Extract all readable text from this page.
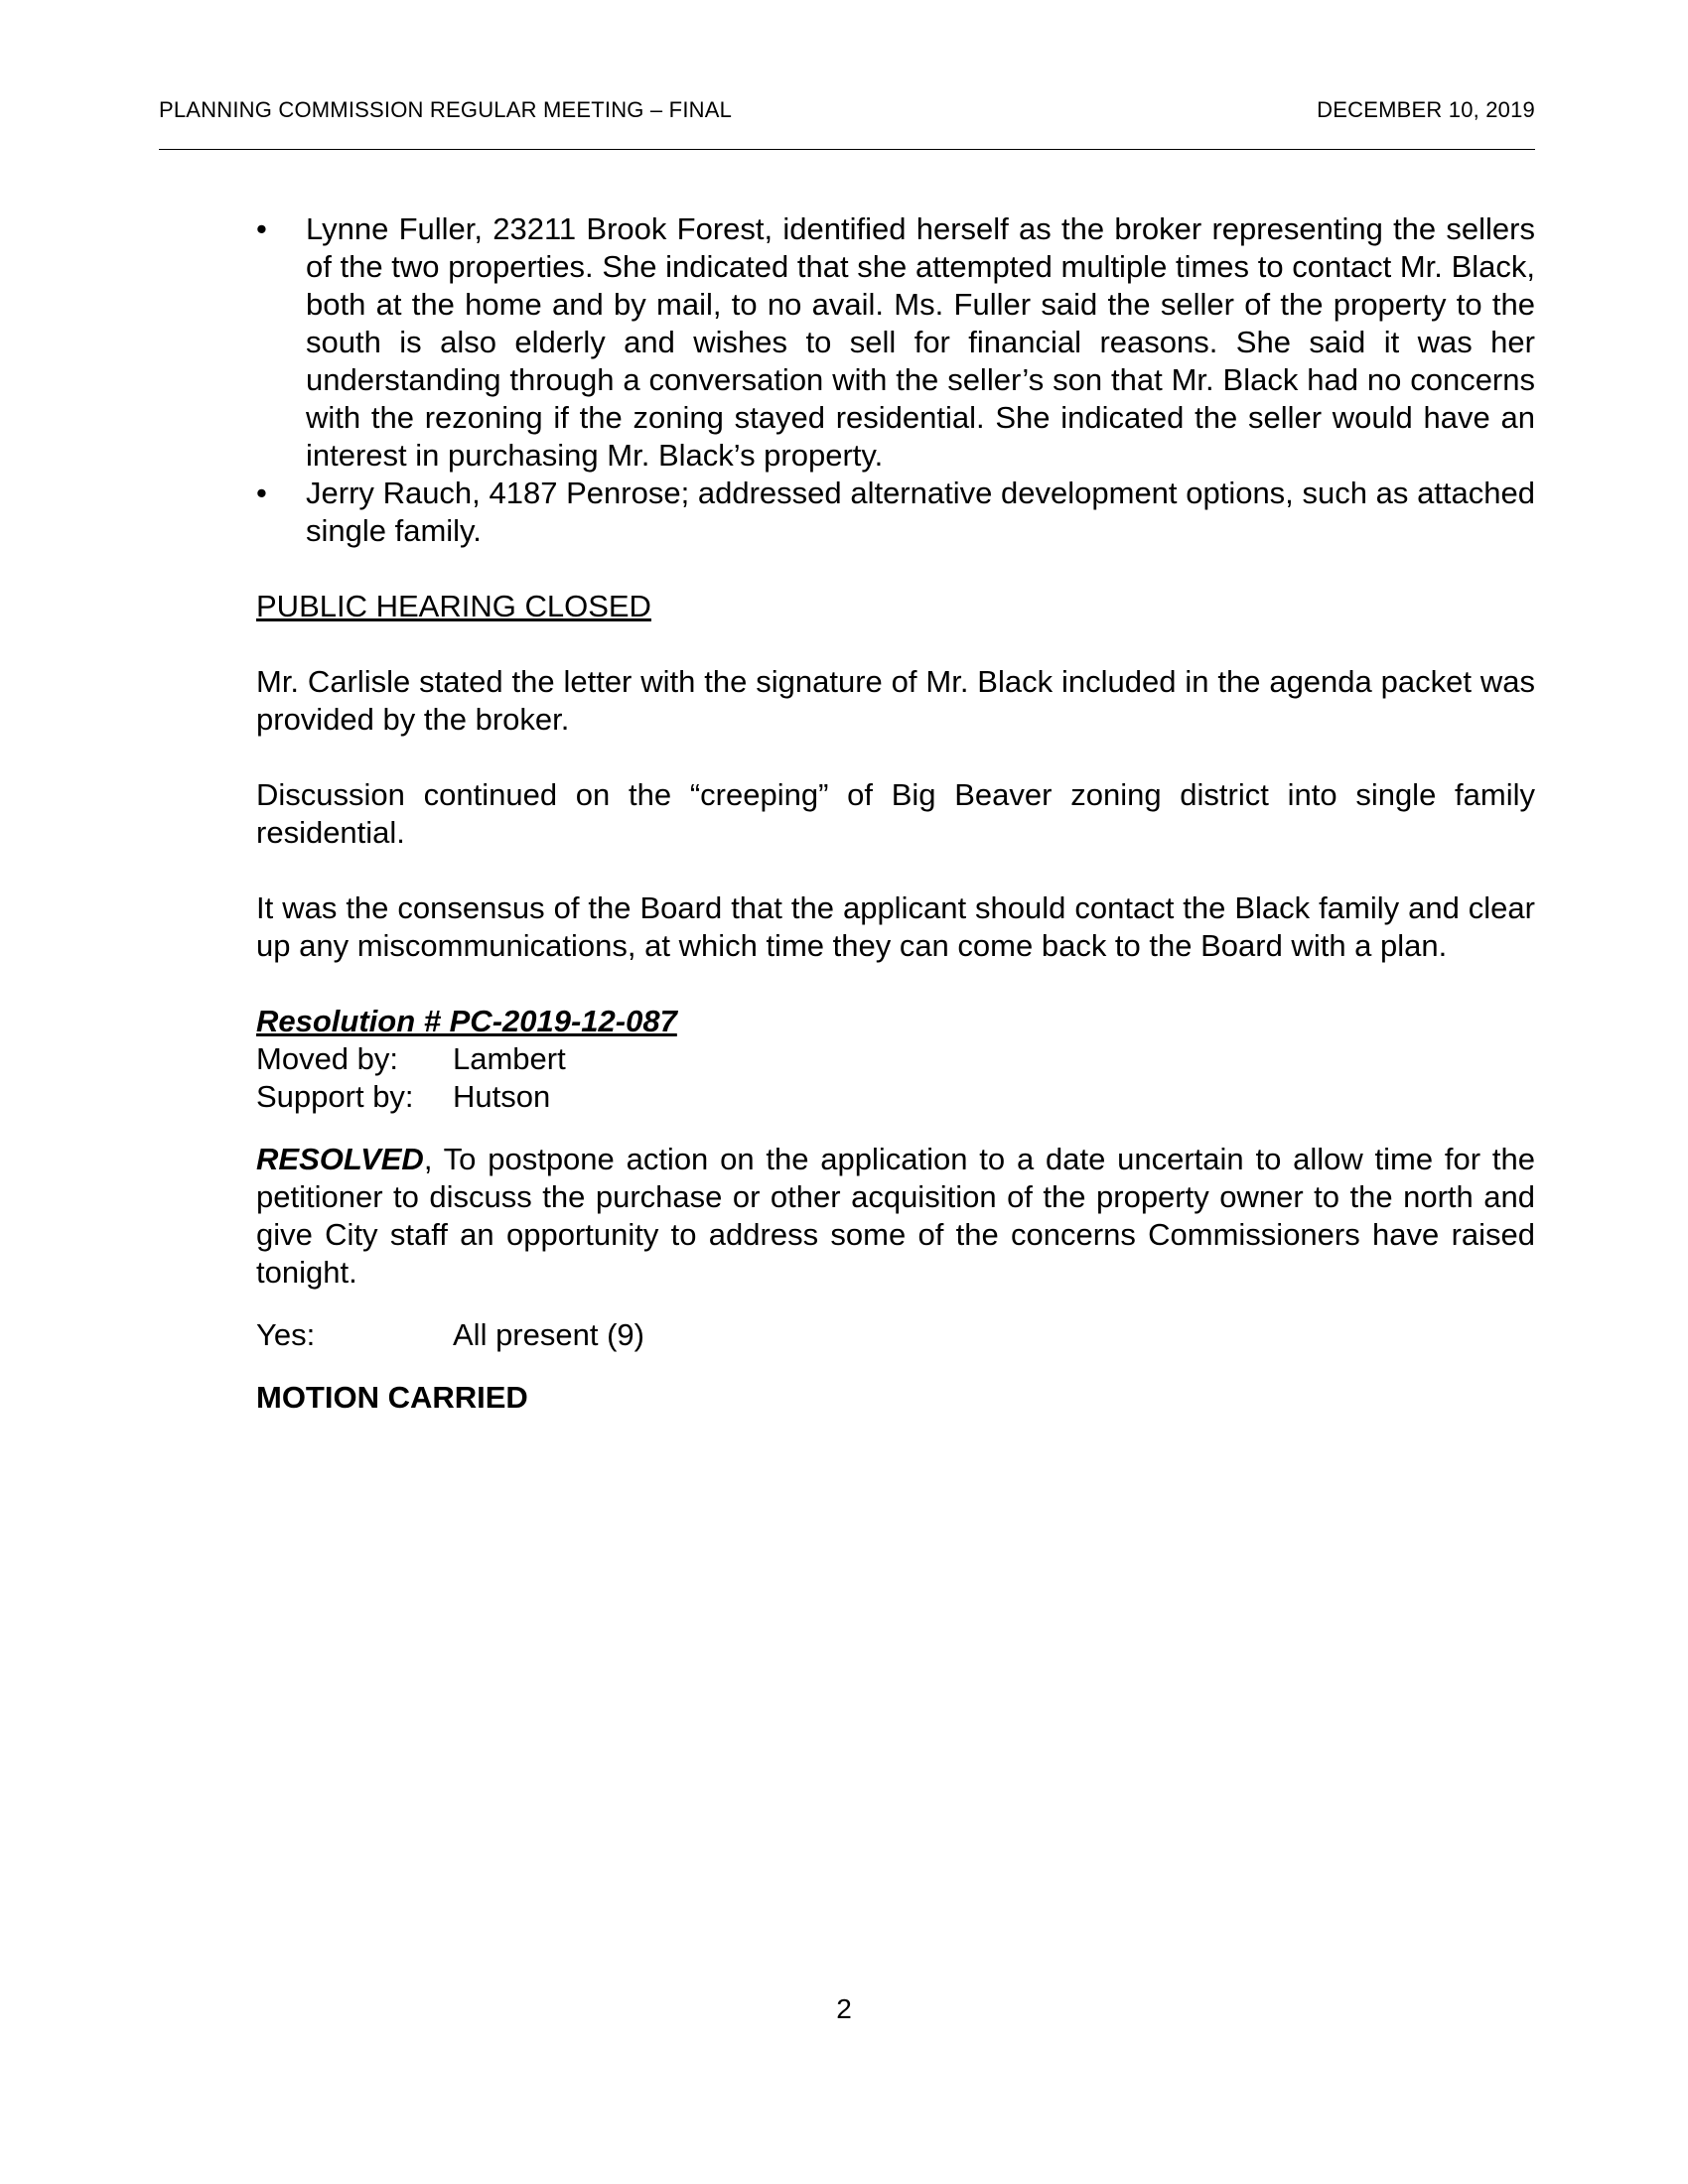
PLANNING COMMISSION REGULAR MEETING – FINAL	DECEMBER 10, 2019
•	Lynne Fuller, 23211 Brook Forest, identified herself as the broker representing the sellers of the two properties. She indicated that she attempted multiple times to contact Mr. Black, both at the home and by mail, to no avail. Ms. Fuller said the seller of the property to the south is also elderly and wishes to sell for financial reasons. She said it was her understanding through a conversation with the seller’s son that Mr. Black had no concerns with the rezoning if the zoning stayed residential. She indicated the seller would have an interest in purchasing Mr. Black’s property.
•	Jerry Rauch, 4187 Penrose; addressed alternative development options, such as attached single family.

PUBLIC HEARING CLOSED

Mr. Carlisle stated the letter with the signature of Mr. Black included in the agenda packet was provided by the broker.

Discussion continued on the “creeping” of Big Beaver zoning district into single family residential.

It was the consensus of the Board that the applicant should contact the Black family and clear up any miscommunications, at which time they can come back to the Board with a plan.

Resolution # PC-2019-12-087
Moved by:	Lambert
Support by:	Hutson

RESOLVED, To postpone action on the application to a date uncertain to allow time for the petitioner to discuss the purchase or other acquisition of the property owner to the north and give City staff an opportunity to address some of the concerns Commissioners have raised tonight.

Yes:	All present (9)
MOTION CARRIED
2
